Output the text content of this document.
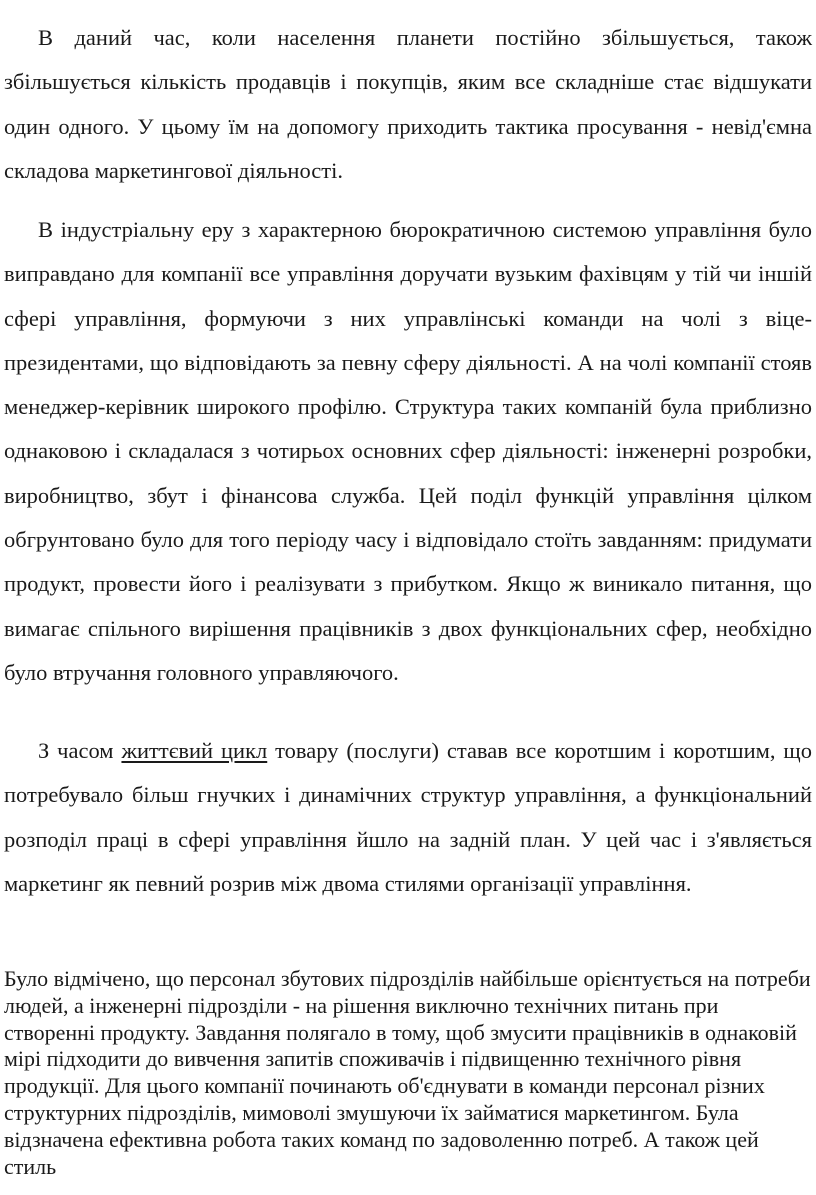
В даний час, коли населення планети постійно збільшується, також збільшується кількість продавців і покупців, яким все складніше стає відшукати один одного. У цьому їм на допомогу приходить тактика просування - невід'ємна складова маркетингової діяльності.

В індустріальну еру з характерною бюрократичною системою управління було виправдано для компанії все управління доручати вузьким фахівцям у тій чи іншій сфері управління, формуючи з них управлінські команди на чолі з віце-президентами, що відповідають за певну сферу діяльності. А на чолі компанії стояв менеджер-керівник широкого профілю. Структура таких компаній була приблизно однаковою і складалася з чотирьох основних сфер діяльності: інженерні розробки, виробництво, збут і фінансова служба. Цей поділ функцій управління цілком обгрунтовано було для того періоду часу і відповідало стоїть завданням: придумати продукт, провести його і реалізувати з прибутком. Якщо ж виникало питання, що вимагає спільного вирішення працівників з двох функціональних сфер, необхідно було втручання головного управляючого.

З часом життєвий цикл товару (послуги) ставав все коротшим і коротшим, що потребувало більш гнучких і динамічних структур управління, а функціональний розподіл праці в сфері управління йшло на задній план. У цей час і з'являється маркетинг як певний розрив між двома стилями організації управління.

Було відмічено, що персонал збутових підрозділів найбільше орієнтується на потреби людей, а інженерні підрозділи - на рішення виключно технічних питань при створенні продукту. Завдання полягало в тому, щоб змусити працівників в однаковій мірі підходити до вивчення запитів споживачів і підвищенню технічного рівня продукції. Для цього компанії починають об'єднувати в команди персонал різних структурних підрозділів, мимоволі змушуючи їх займатися маркетингом. Була відзначена ефективна робота таких команд по задоволенню потреб. А також цей стиль
